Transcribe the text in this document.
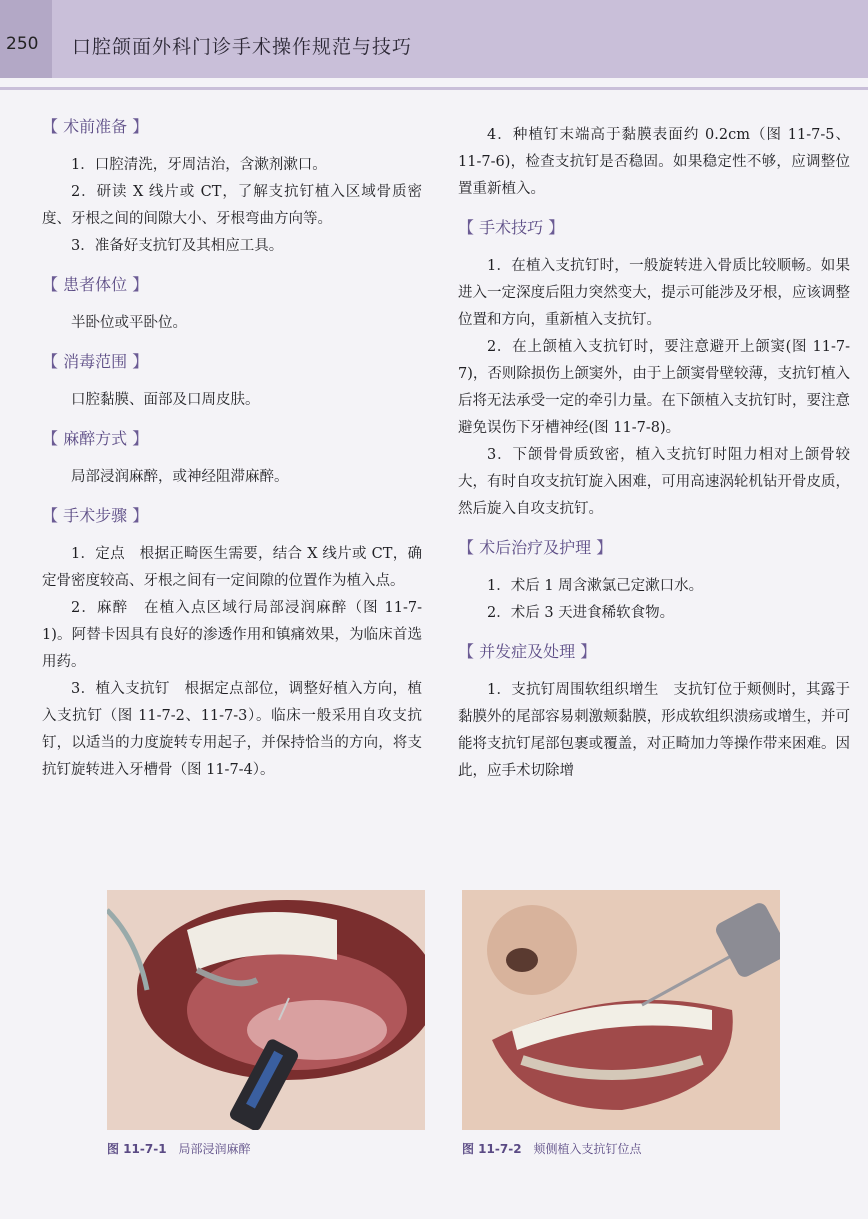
250 口腔颌面外科门诊手术操作规范与技巧
【 术前准备 】

1．口腔清洗，牙周洁治，含漱剂漱口。

2．研读 X 线片或 CT，了解支抗钉植入区域骨质密度、牙根之间的间隙大小、牙根弯曲方向等。

3．准备好支抗钉及其相应工具。

【 患者体位 】

半卧位或平卧位。

【 消毒范围 】

口腔黏膜、面部及口周皮肤。

【 麻醉方式 】

局部浸润麻醉，或神经阻滞麻醉。

【 手术步骤 】

1．定点　根据正畸医生需要，结合 X 线片或 CT，确定骨密度较高、牙根之间有一定间隙的位置作为植入点。

2．麻醉　在植入点区域行局部浸润麻醉（图 11-7-1)。阿替卡因具有良好的渗透作用和镇痛效果，为临床首选用药。

3．植入支抗钉　根据定点部位，调整好植入方向，植入支抗钉（图 11-7-2、11-7-3）。临床一般采用自攻支抗钉，以适当的力度旋转专用起子，并保持恰当的方向，将支抗钉旋转进入牙槽骨（图 11-7-4）。

4．种植钉末端高于黏膜表面约 0.2cm（图 11-7-5、11-7-6)，检查支抗钉是否稳固。如果稳定性不够，应调整位置重新植入。

【 手术技巧 】

1．在植入支抗钉时，一般旋转进入骨质比较顺畅。如果进入一定深度后阻力突然变大，提示可能涉及牙根，应该调整位置和方向，重新植入支抗钉。

2．在上颌植入支抗钉时，要注意避开上颌窦(图 11-7-7)，否则除损伤上颌窦外，由于上颌窦骨壁较薄，支抗钉植入后将无法承受一定的牵引力量。在下颌植入支抗钉时，要注意避免误伤下牙槽神经(图 11-7-8)。

3．下颌骨骨质致密，植入支抗钉时阻力相对上颌骨较大，有时自攻支抗钉旋入困难，可用高速涡轮机钻开骨皮质，然后旋入自攻支抗钉。

【 术后治疗及护理 】

1．术后 1 周含漱氯己定漱口水。

2．术后 3 天进食稀软食物。

【 并发症及处理 】

1．支抗钉周围软组织增生　支抗钉位于颊侧时，其露于黏膜外的尾部容易刺激颊黏膜，形成软组织溃疡或增生，并可能将支抗钉尾部包裹或覆盖，对正畸加力等操作带来困难。因此，应手术切除增

图 11-7-1 局部浸润麻醉	图 11-7-2 颊侧植入支抗钉位点
